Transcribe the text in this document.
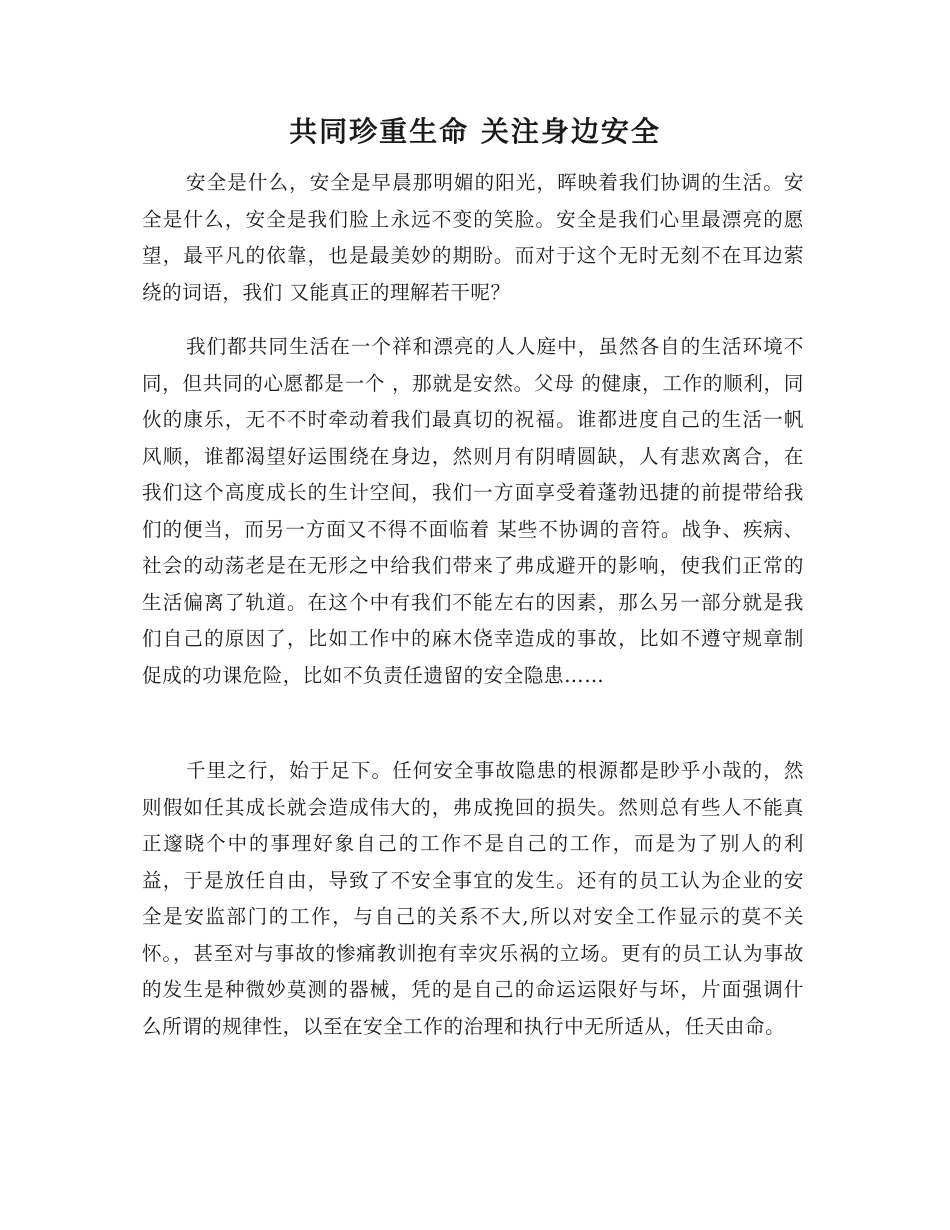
共同珍重生命 关注身边安全

安全是什么，安全是早晨那明媚的阳光，晖映着我们协调的生活。安全是什么，安全是我们脸上永远不变的笑脸。安全是我们心里最漂亮的愿望，最平凡的依靠，也是最美妙的期盼。而对于这个无时无刻不在耳边萦绕的词语，我们 又能真正的理解若干呢？

我们都共同生活在一个祥和漂亮的人人庭中，虽然各自的生活环境不同，但共同的心愿都是一个 ，那就是安然。父母 的健康，工作的顺利，同伙的康乐，无不不时牵动着我们最真切的祝福。谁都进度自己的生活一帆风顺，谁都渴望好运围绕在身边，然则月有阴晴圆缺，人有悲欢离合，在我们这个高度成长的生计空间，我们一方面享受着蓬勃迅捷的前提带给我们的便当，而另一方面又不得不面临着 某些不协调的音符。战争、疾病、社会的动荡老是在无形之中给我们带来了弗成避开的影响，使我们正常的生活偏离了轨道。在这个中有我们不能左右的因素，那么另一部分就是我们自己的原因了，比如工作中的麻木侥幸造成的事故，比如不遵守规章制促成的功课危险，比如不负责任遗留的安全隐患……

千里之行，始于足下。任何安全事故隐患的根源都是眇乎小哉的，然则假如任其成长就会造成伟大的，弗成挽回的损失。然则总有些人不能真正邃晓个中的事理好象自己的工作不是自己的工作，而是为了别人的利益，于是放任自由，导致了不安全事宜的发生。还有的员工认为企业的安全是安监部门的工作，与自己的关系不大,所以对安全工作显示的莫不关怀。，甚至对与事故的惨痛教训抱有幸灾乐祸的立场。更有的员工认为事故的发生是种微妙莫测的器械，凭的是自己的命运运限好与坏，片面强调什么所谓的规律性，以至在安全工作的治理和执行中无所适从，任天由命。
